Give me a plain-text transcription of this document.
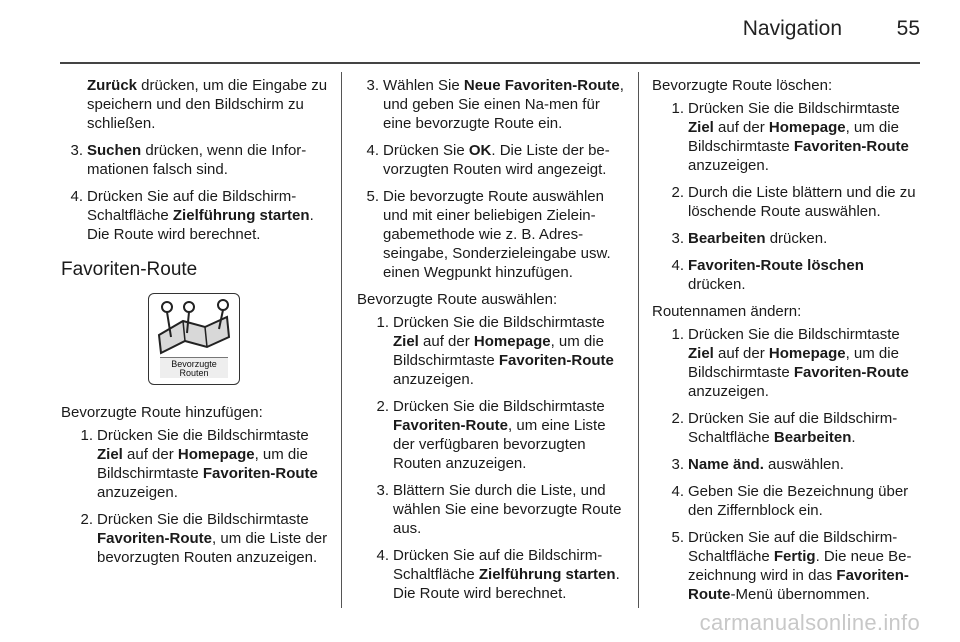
Navigation	55
Zurück drücken, um die Eingabe zu speichern und den Bildschirm zu schließen.
3. Suchen drücken, wenn die Infor-mationen falsch sind.
4. Drücken Sie auf die Bildschirm-Schaltfläche Zielführung starten. Die Route wird berechnet.
Favoriten-Route
Bevorzugte
Routen
Bevorzugte Route hinzufügen:
1. Drücken Sie die Bildschirmtaste Ziel auf der Homepage, um die Bildschirmtaste Favoriten-Route anzuzeigen.
2. Drücken Sie die Bildschirmtaste Favoriten-Route, um die Liste der bevorzugten Routen anzuzeigen.
3. Wählen Sie Neue Favoriten-Route, und geben Sie einen Na-men für eine bevorzugte Route ein.
4. Drücken Sie OK. Die Liste der be-vorzugten Routen wird angezeigt.
5. Die bevorzugte Route auswählen und mit einer beliebigen Zielein-gabemethode wie z. B. Adres-seingabe, Sonderzieleingabe usw. einen Wegpunkt hinzufügen.
Bevorzugte Route auswählen:
1. Drücken Sie die Bildschirmtaste Ziel auf der Homepage, um die Bildschirmtaste Favoriten-Route anzuzeigen.
2. Drücken Sie die Bildschirmtaste Favoriten-Route, um eine Liste der verfügbaren bevorzugten Routen anzuzeigen.
3. Blättern Sie durch die Liste, und wählen Sie eine bevorzugte Route aus.
4. Drücken Sie auf die Bildschirm-Schaltfläche Zielführung starten. Die Route wird berechnet.
Bevorzugte Route löschen:
1. Drücken Sie die Bildschirmtaste Ziel auf der Homepage, um die Bildschirmtaste Favoriten-Route anzuzeigen.
2. Durch die Liste blättern und die zu löschende Route auswählen.
3. Bearbeiten drücken.
4. Favoriten-Route löschen drücken.
Routennamen ändern:
1. Drücken Sie die Bildschirmtaste Ziel auf der Homepage, um die Bildschirmtaste Favoriten-Route anzuzeigen.
2. Drücken Sie auf die Bildschirm-Schaltfläche Bearbeiten.
3. Name änd. auswählen.
4. Geben Sie die Bezeichnung über den Ziffernblock ein.
5. Drücken Sie auf die Bildschirm-Schaltfläche Fertig. Die neue Be-zeichnung wird in das Favoriten-Route-Menü übernommen.
carmanualsonline.info
